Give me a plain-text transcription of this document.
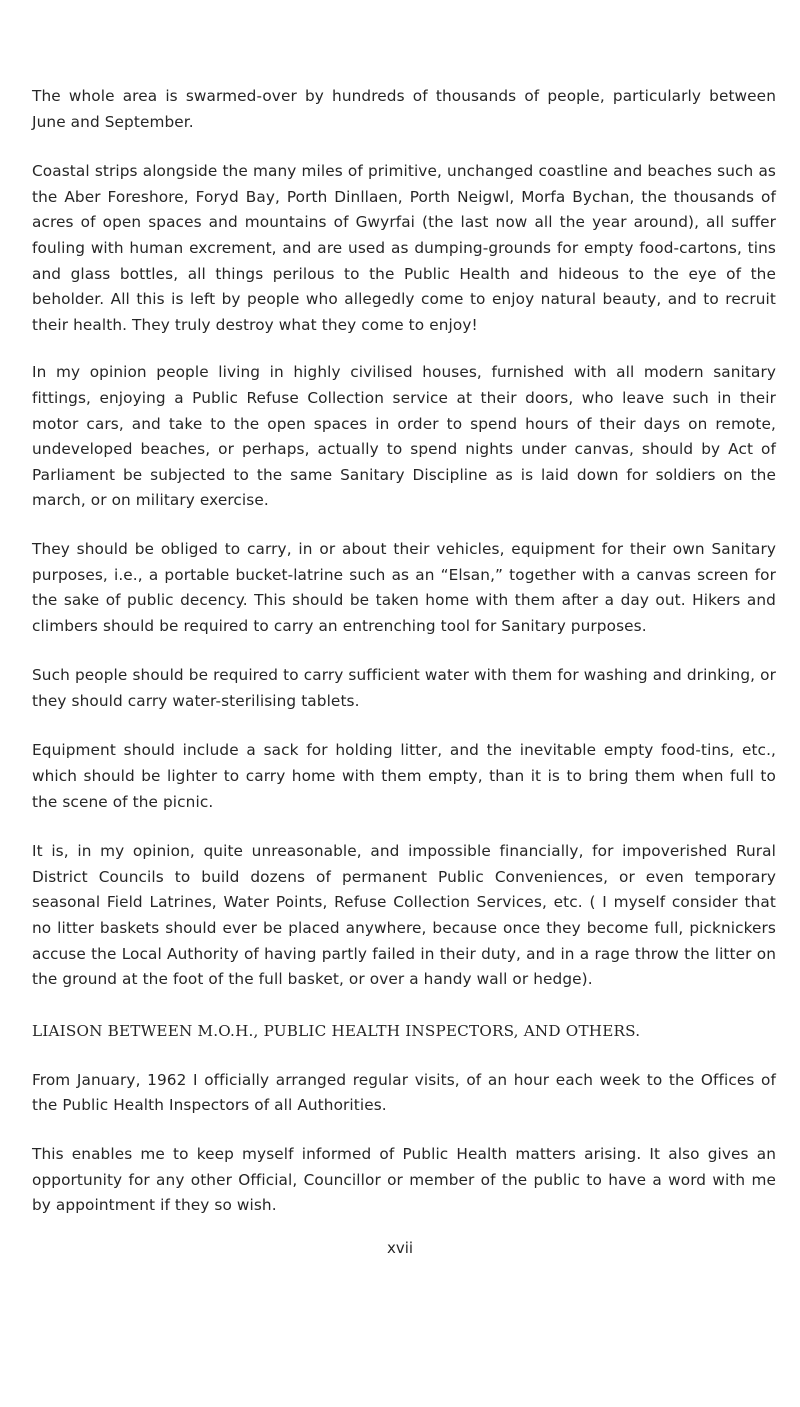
The whole area is swarmed-over by hundreds of thousands of people, particularly between June and September.

Coastal strips alongside the many miles of primitive, unchanged coastline and beaches such as the Aber Foreshore, Foryd Bay, Porth Dinllaen, Porth Neigwl, Morfa Bychan, the thousands of acres of open spaces and mountains of Gwyrfai (the last now all the year around), all suffer fouling with human excrement, and are used as dumping-grounds for empty food-cartons, tins and glass bottles, all things perilous to the Public Health and hideous to the eye of the beholder. All this is left by people who allegedly come to enjoy natural beauty, and to recruit their health. They truly destroy what they come to enjoy!

In my opinion people living in highly civilised houses, furnished with all modern sanitary fittings, enjoying a Public Refuse Collection service at their doors, who leave such in their motor cars, and take to the open spaces in order to spend hours of their days on remote, undeveloped beaches, or perhaps, actually to spend nights under canvas, should by Act of Parliament be subjected to the same Sanitary Discipline as is laid down for soldiers on the march, or on military exercise.

They should be obliged to carry, in or about their vehicles, equipment for their own Sanitary purposes, i.e., a portable bucket-latrine such as an “Elsan,” together with a canvas screen for the sake of public decency. This should be taken home with them after a day out. Hikers and climbers should be required to carry an entrenching tool for Sanitary purposes.

Such people should be required to carry sufficient water with them for washing and drinking, or they should carry water-sterilising tablets.

Equipment should include a sack for holding litter, and the inevitable empty food-tins, etc., which should be lighter to carry home with them empty, than it is to bring them when full to the scene of the picnic.

It is, in my opinion, quite unreasonable, and impossible financially, for impoverished Rural District Councils to build dozens of permanent Public Conveniences, or even temporary seasonal Field Latrines, Water Points, Refuse Collection Services, etc. ( I myself consider that no litter baskets should ever be placed anywhere, because once they become full, picknickers accuse the Local Authority of having partly failed in their duty, and in a rage throw the litter on the ground at the foot of the full basket, or over a handy wall or hedge).

LIAISON BETWEEN M.O.H., PUBLIC HEALTH INSPECTORS, AND OTHERS.

From January, 1962 I officially arranged regular visits, of an hour each week to the Offices of the Public Health Inspectors of all Authorities.

This enables me to keep myself informed of Public Health matters arising. It also gives an opportunity for any other Official, Councillor or member of the public to have a word with me by appointment if they so wish.

xvii
